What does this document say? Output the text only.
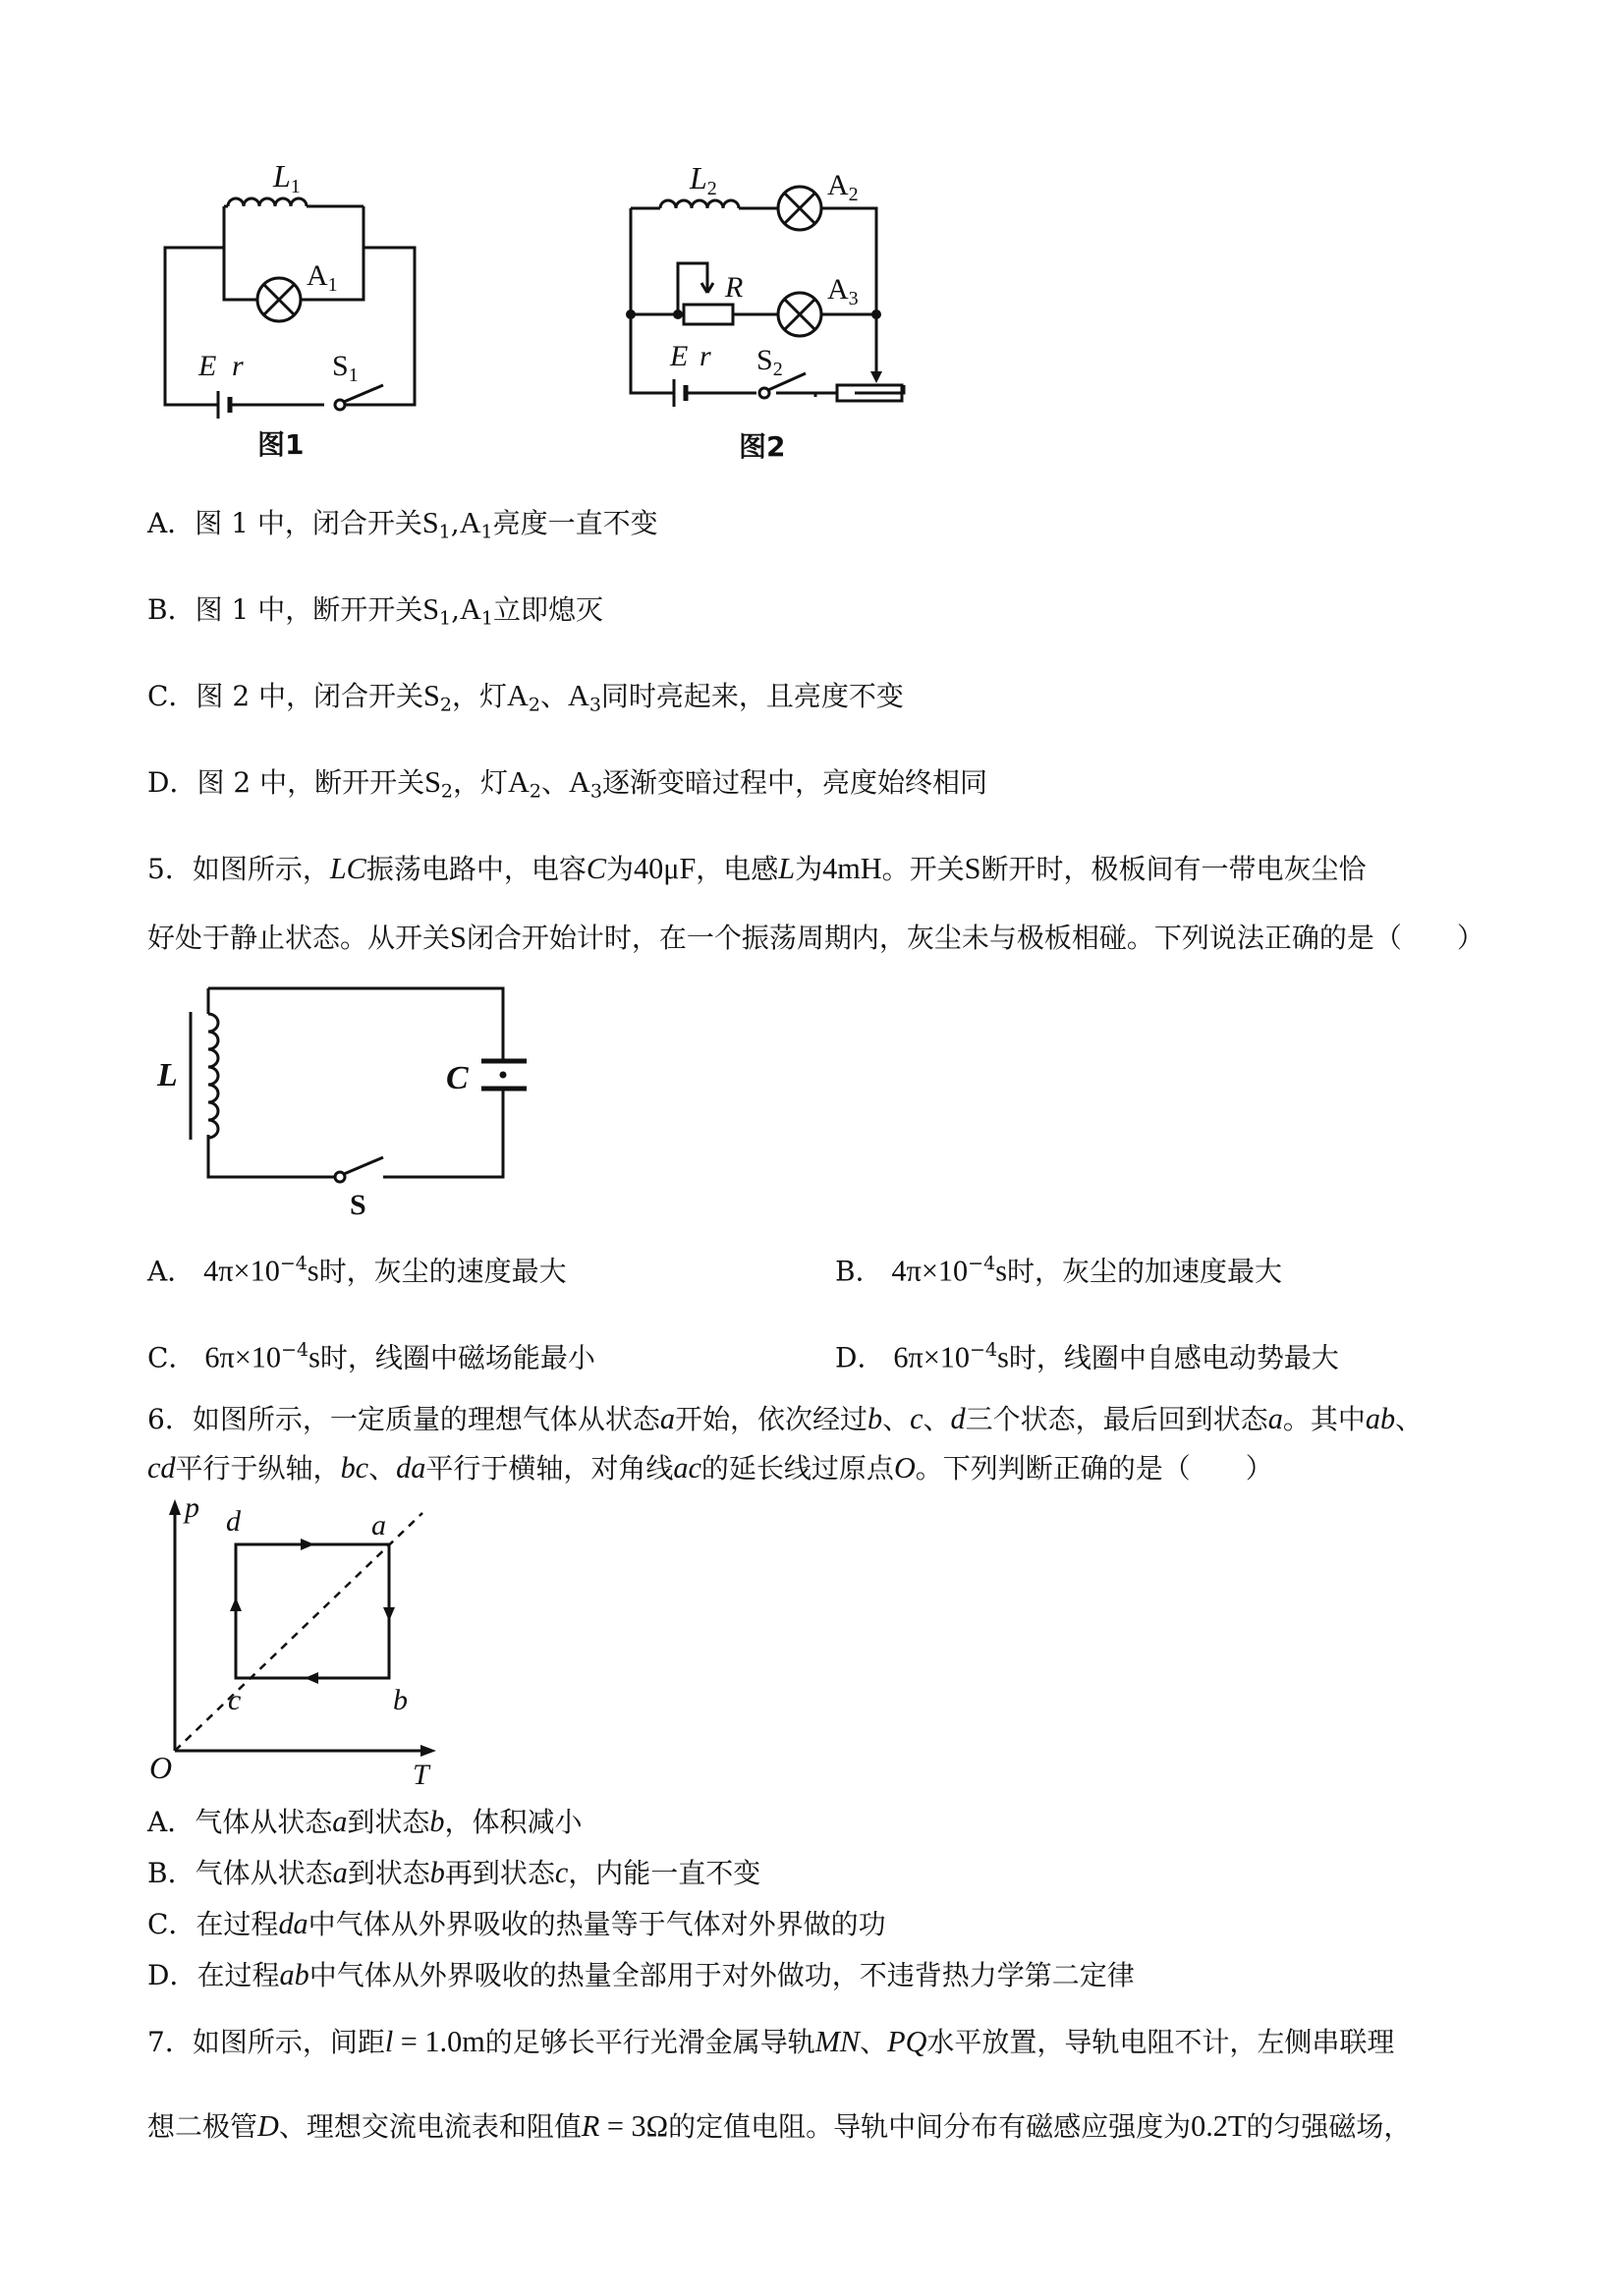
L1
$A_1$
E r	$S_1$
图1
L2	$A_2$
R	$A_3$
E r $S_2$
图2
A．图 1 中，闭合开关$S_1,A_1$亮度一直不变
B．图 1 中，断开开关$S_1,A_1$立即熄灭
C．图 2 中，闭合开关$S_2$，灯$A_2$、$A_3$同时亮起来，且亮度不变
D．图 2 中，断开开关$S_2$，灯$A_2$、$A_3$逐渐变暗过程中，亮度始终相同
5．如图所示，LC振荡电路中，电容C为40μF，电感L为4mH。开关S断开时，极板间有一带电灰尘恰
好处于静止状态。从开关S闭合开始计时，在一个振荡周期内，灰尘未与极板相碰。下列说法正确的是（　　）
L	C
S
A． $4\pi\times 10^{-4}s$时，灰尘的速度最大	B． $4\pi\times 10^{-4}s$时，灰尘的加速度最大
C． $6\pi\times 10^{-4}s$时，线圈中磁场能最小	D． $6\pi\times 10^{-4}s$时，线圈中自感电动势最大
6．如图所示，一定质量的理想气体从状态a开始，依次经过b、c、d三个状态，最后回到状态a。其中ab、
cd平行于纵轴，bc、da平行于横轴，对角线ac的延长线过原点O。下列判断正确的是（　　）
p
T
O
d	a
b
c
A．气体从状态a到状态b，体积减小
B．气体从状态a到状态b再到状态c，内能一直不变
C．在过程da中气体从外界吸收的热量等于气体对外界做的功
D．在过程ab中气体从外界吸收的热量全部用于对外做功，不违背热力学第二定律
7．如图所示，间距l = 1.0m的足够长平行光滑金属导轨MN、PQ水平放置，导轨电阻不计，左侧串联理
想二极管D、理想交流电流表和阻值R = 3Ω的定值电阻。导轨中间分布有磁感应强度为0.2T的匀强磁场，
